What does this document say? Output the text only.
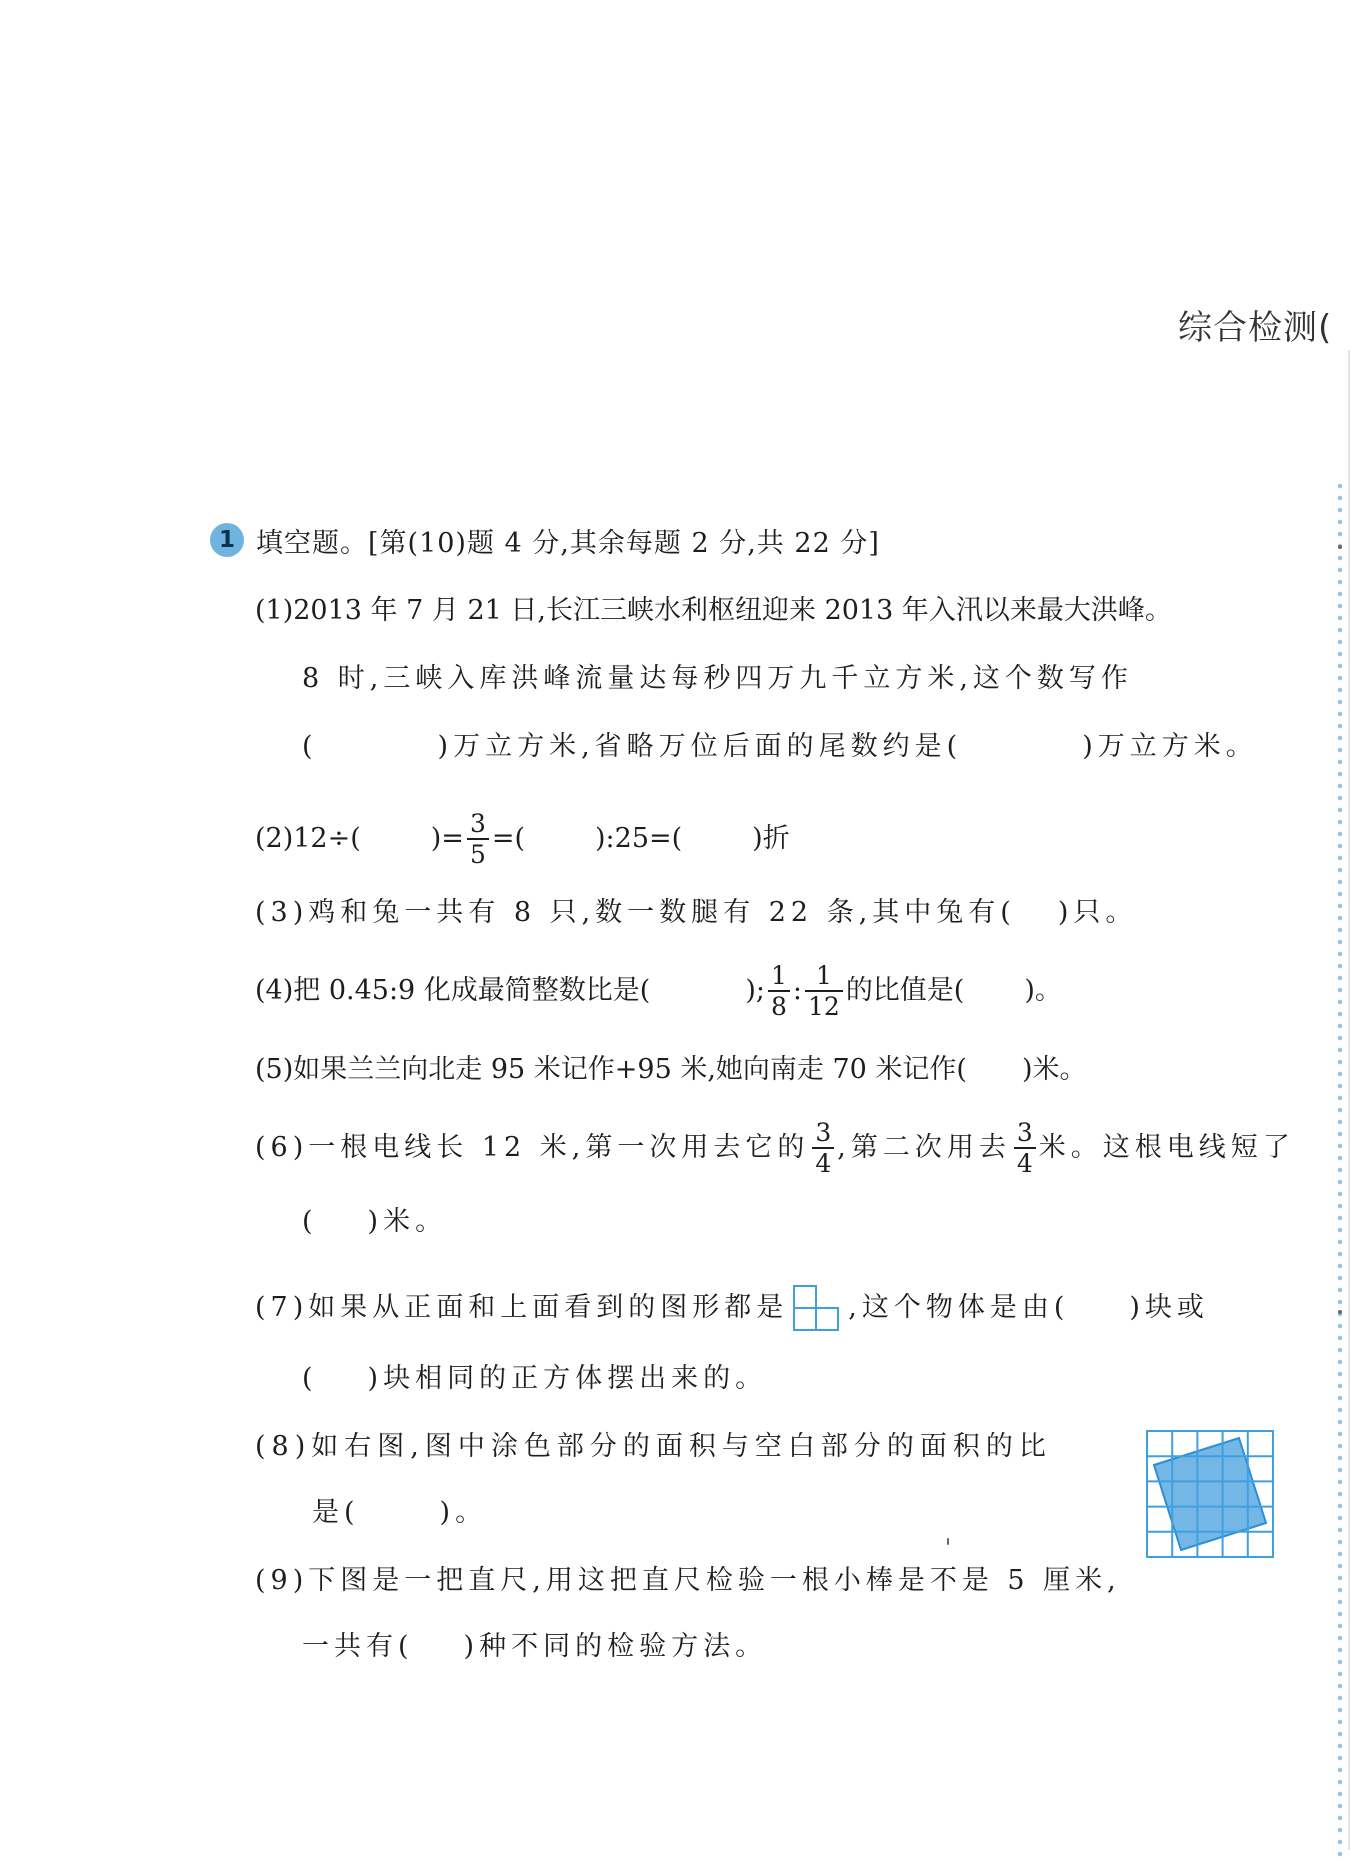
综合检测(
1 填空题。[第(10)题 4 分,其余每题 2 分,共 22 分]
(1)2013 年 7 月 21 日,长江三峡水利枢纽迎来 2013 年入汛以来最大洪峰。
8 时,三峡入库洪峰流量达每秒四万九千立方米,这个数写作
(	)万立方米,省略万位后面的尾数约是(	)万立方米。
(2)12÷(	)= $\frac{3}{5}$ =(	):25=(	)折
(3)鸡和兔一共有 8 只,数一数腿有 22 条,其中兔有( )只。
(4)把 0.45:9 化成最简整数比是(	); $\frac{1}{8}$ : $\frac{1}{12}$ 的比值是( )。
(5)如果兰兰向北走 95 米记作+95 米,她向南走 70 米记作( )米。
(6)一根电线长 12 米,第一次用去它的 $\frac{3}{4}$ ,第二次用去 $\frac{3}{4}$ 米。这根电线短了
( )米。
(7)如果从正面和上面看到的图形都是 ,这个物体是由( )块或
( )块相同的正方体摆出来的。
(8)如右图,图中涂色部分的面积与空白部分的面积的比
是(	)。
(9)下图是一把直尺,用这把直尺检验一根小棒是不是 5 厘米,
一共有( )种不同的检验方法。
